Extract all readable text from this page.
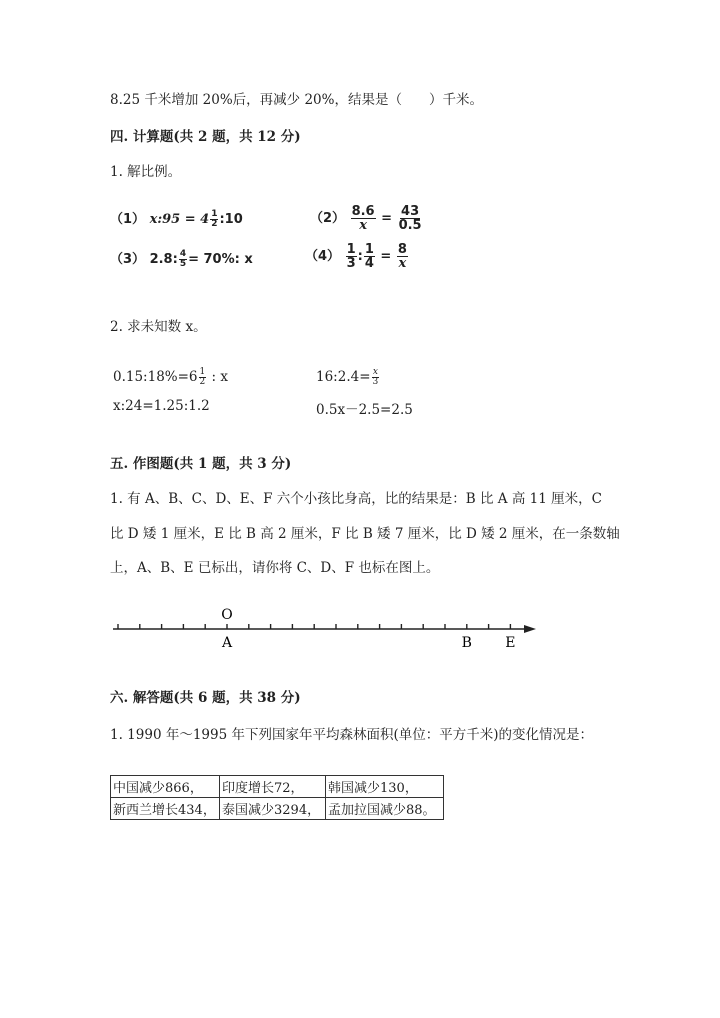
8.25 千米增加 20%后，再减少 20%，结果是（　　）千米。
四. 计算题(共 2 题，共 12 分)
1. 解比例。
（1） x:95 = $4 \frac{1}{2}$ :10	$(2) \frac{8.6}{x} = \frac{43}{0.5}$
（3） 2.8: $\frac{4}{5} = 70\%$: x	$(4) \frac{1}{3}$ : $\frac{1}{4} = \frac{8}{x}$
2. 求未知数 x。
0.15:18%=6 $\frac{1}{2}$ : x	16:2.4= $\frac{x}{3}$
x:24=1.25:1.2	0.5x－2.5=2.5
五. 作图题(共 1 题，共 3 分)
1. 有 A、B、C、D、E、F 六个小孩比身高，比的结果是：B 比 A 高 11 厘米，C
比 D 矮 1 厘米，E 比 B 高 2 厘米，F 比 B 矮 7 厘米，比 D 矮 2 厘米，在一条数轴
上，A、B、E 已标出，请你将 C、D、F 也标在图上。
A	B E
O
六. 解答题(共 6 题，共 38 分)
1. 1990 年～1995 年下列国家年平均森林面积(单位：平方千米)的变化情况是：
中国减少866，	印度增长72，	韩国减少130，
新西兰增长434，	泰国减少3294，	孟加拉国减少88。
